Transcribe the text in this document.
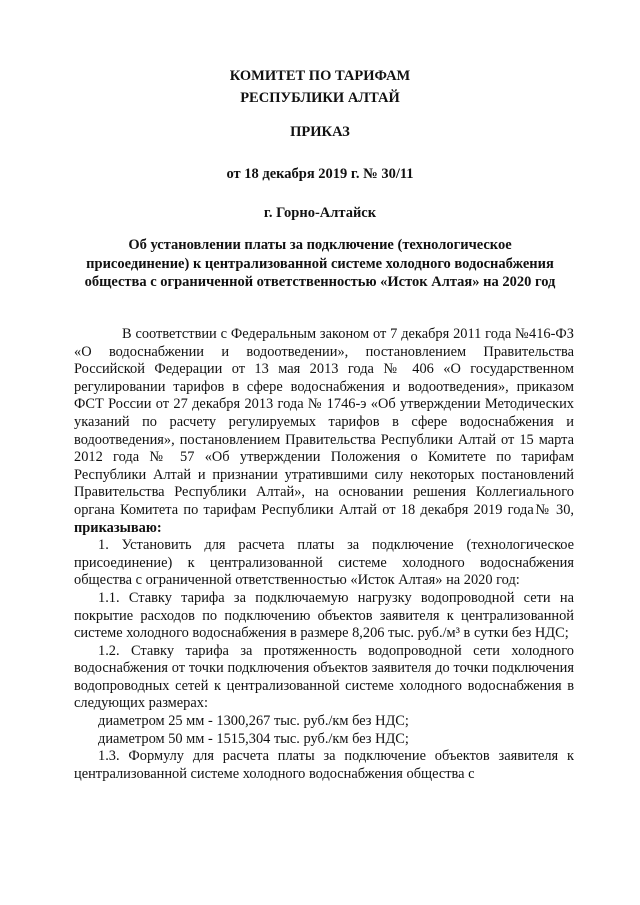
КОМИТЕТ ПО ТАРИФАМ
РЕСПУБЛИКИ АЛТАЙ
ПРИКАЗ
от 18 декабря 2019 г. № 30/11
г. Горно-Алтайск
Об установлении платы за подключение (технологическое
присоединение) к централизованной системе холодного водоснабжения
общества с ограниченной ответственностью «Исток Алтая» на 2020 год

В соответствии с Федеральным законом от 7 декабря 2011 года №416-ФЗ «О водоснабжении и водоотведении», постановлением Правительства Российской Федерации от 13 мая 2013 года № 406 «О государственном регулировании тарифов в сфере водоснабжения и водоотведения», приказом ФСТ России от 27 декабря 2013 года № 1746-э «Об утверждении Методических указаний по расчету регулируемых тарифов в сфере водоснабжения и водоотведения», постановлением Правительства Республики Алтай от 15 марта 2012 года № 57 «Об утверждении Положения о Комитете по тарифам Республики Алтай и признании утратившими силу некоторых постановлений Правительства Республики Алтай», на основании решения Коллегиального органа Комитета по тарифам Республики Алтай от 18 декабря 2019 года№ 30, приказываю:

1. Установить для расчета платы за подключение (технологическое присоединение) к централизованной системе холодного водоснабжения общества с ограниченной ответственностью «Исток Алтая» на 2020 год:

1.1. Ставку тарифа за подключаемую нагрузку водопроводной сети на покрытие расходов по подключению объектов заявителя к централизованной системе холодного водоснабжения в размере 8,206 тыс. руб./м³ в сутки без НДС;

1.2. Ставку тарифа за протяженность водопроводной сети холодного водоснабжения от точки подключения объектов заявителя до точки подключения водопроводных сетей к централизованной системе холодного водоснабжения в следующих размерах:

диаметром 25 мм - 1300,267 тыс. руб./км без НДС;

диаметром 50 мм - 1515,304 тыс. руб./км без НДС;

1.3. Формулу для расчета платы за подключение объектов заявителя к централизованной системе холодного водоснабжения общества с
